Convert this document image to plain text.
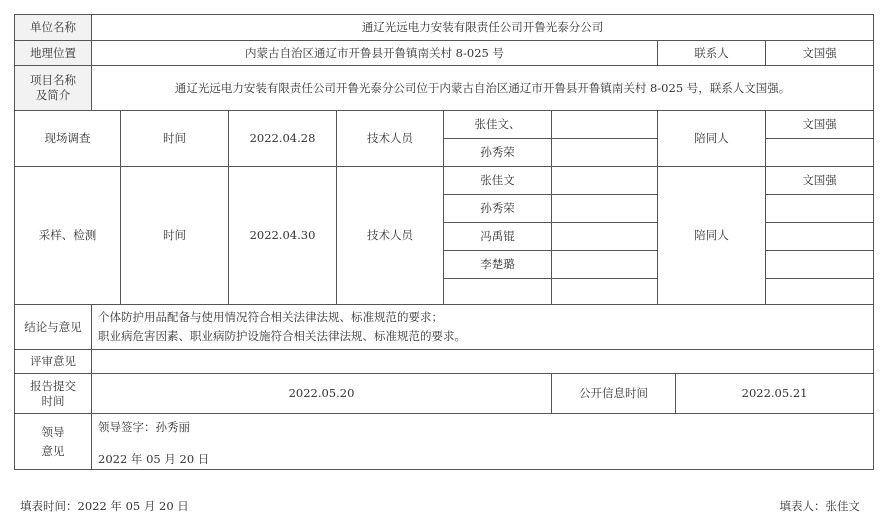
单位名称	通辽光远电力安装有限责任公司开鲁光泰分公司								
地理位置	内蒙古自治区通辽市开鲁县开鲁镇南关村 8-025 号						联系人		文国强

项目名称
及简介	通辽光远电力安装有限责任公司开鲁光泰分公司位于内蒙古自治区通辽市开鲁县开鲁镇南关村 8-025 号，联系人文国强。								
现场调查		时间	2022.04.28	技术人员	张佳文、		陪同人		文国强
					孙秀荣				
采样、检测		时间	2022.04.30	技术人员	张佳文		陪同人		文国强
					孙秀荣				
					冯禹锟				
					李楚璐				

结论与意见	个体防护用品配备与使用情况符合相关法律法规、标准规范的要求；
职业病危害因素、职业病防护设施符合相关法律法规、标准规范的要求。								

评审意见									

报告提交
时间	2022.05.20					公开信息时间		2022.05.21	

领导
意见	领导签字：孙秀丽
2022 年 05 月 20 日								
填表时间：2022 年 05 月 20 日	填表人：张佳文
